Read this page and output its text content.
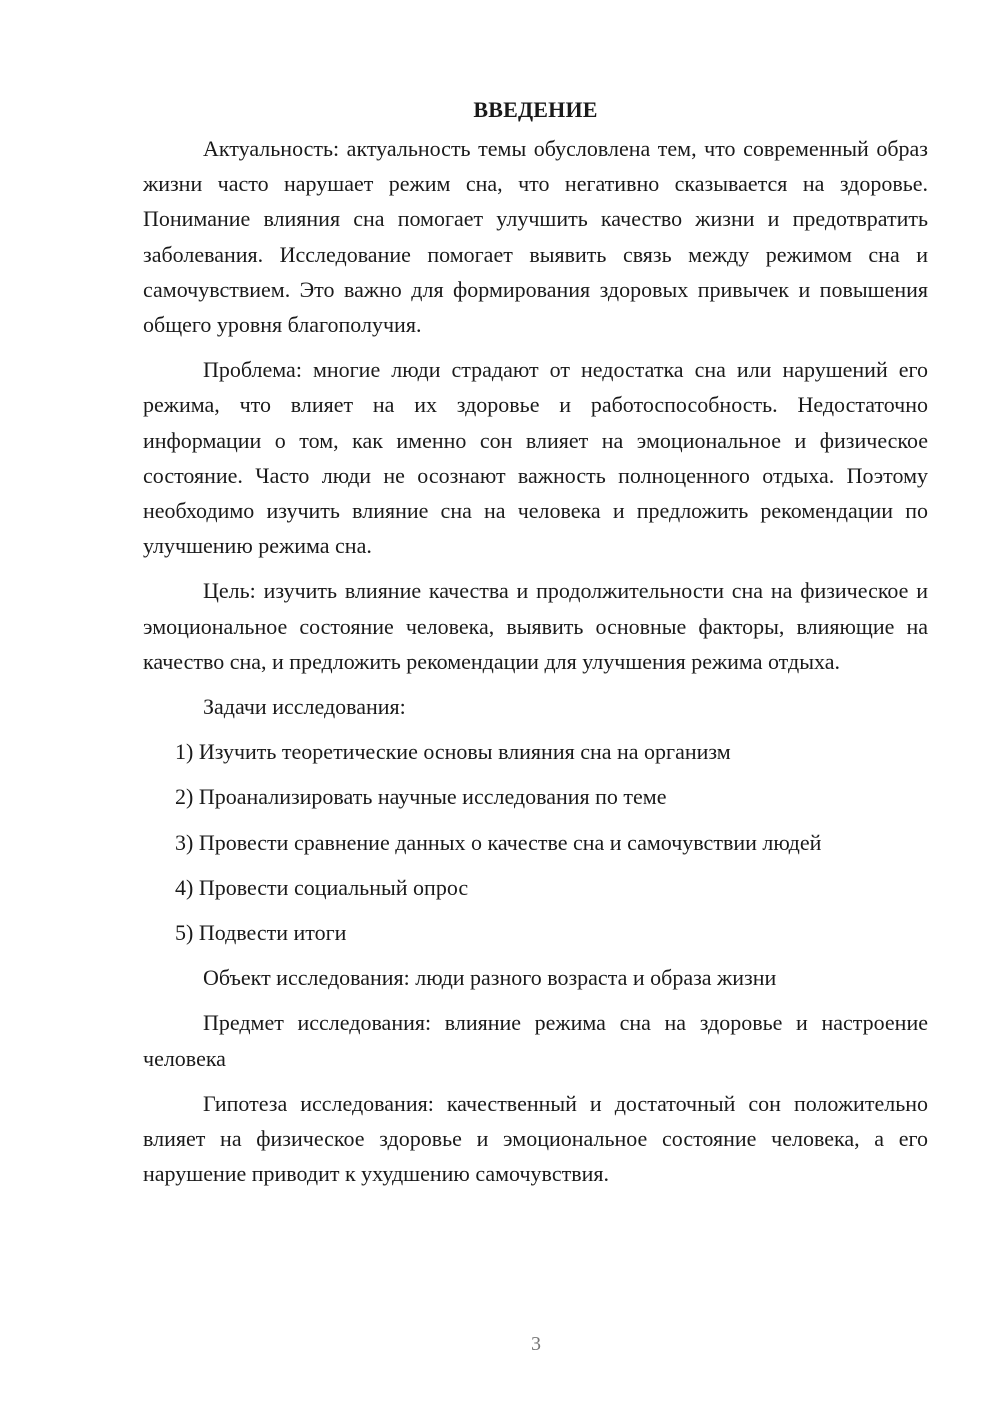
ВВЕДЕНИЕ

Актуальность: актуальность темы обусловлена тем, что современный образ жизни часто нарушает режим сна, что негативно сказывается на здоровье. Понимание влияния сна помогает улучшить качество жизни и предотвратить заболевания. Исследование помогает выявить связь между режимом сна и самочувствием. Это важно для формирования здоровых привычек и повышения общего уровня благополучия.

Проблема: многие люди страдают от недостатка сна или нарушений его режима, что влияет на их здоровье и работоспособность. Недостаточно информации о том, как именно сон влияет на эмоциональное и физическое состояние. Часто люди не осознают важность полноценного отдыха. Поэтому необходимо изучить влияние сна на человека и предложить рекомендации по улучшению режима сна.

Цель: изучить влияние качества и продолжительности сна на физическое и эмоциональное состояние человека, выявить основные факторы, влияющие на качество сна, и предложить рекомендации для улучшения режима отдыха.

Задачи исследования:

1) Изучить теоретические основы влияния сна на организм

2) Проанализировать научные исследования по теме

3) Провести сравнение данных о качестве сна и самочувствии людей

4) Провести социальный опрос

5) Подвести итоги

Объект исследования: люди разного возраста и образа жизни

Предмет исследования: влияние режима сна на здоровье и настроение человека

Гипотеза исследования: качественный и достаточный сон положительно влияет на физическое здоровье и эмоциональное состояние человека, а его нарушение приводит к ухудшению самочувствия.

3
